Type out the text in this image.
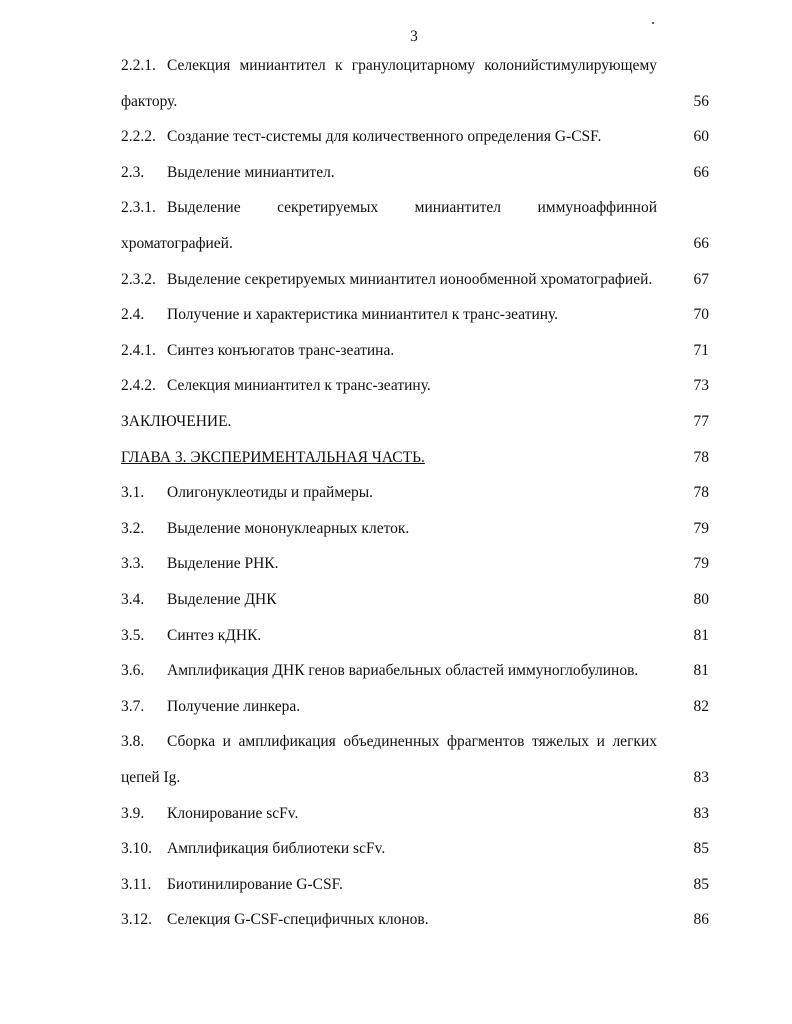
3
2.2.1. Селекция миниантител к гранулоцитарному колонийстимулирующему
фактору.	56
2.2.2. Создание тест-системы для количественного определения G-CSF.	60
2.3. Выделение миниантител.	66
2.3.1. Выделение секретируемых миниантител иммуноаффинной
хроматографией.	66
2.3.2. Выделение секретируемых миниантител ионообменной хроматографией.	67
2.4. Получение и характеристика миниантител к транс-зеатину.	70
2.4.1. Синтез конъюгатов транс-зеатина.	71
2.4.2. Селекция миниантител к транс-зеатину.	73
ЗАКЛЮЧЕНИЕ.	77
ГЛАВА 3. ЭКСПЕРИМЕНТАЛЬНАЯ ЧАСТЬ.	78
3.1. Олигонуклеотиды и праймеры.	78
3.2. Выделение мононуклеарных клеток.	79
3.3. Выделение РНК.	79
3.4. Выделение ДНК	80
3.5. Синтез кДНК.	81
3.6. Амплификация ДНК генов вариабельных областей иммуноглобулинов.	81
3.7. Получение линкера.	82
3.8. Сборка и амплификация объединенных фрагментов тяжелых и легких
цепей Ig.	83
3.9. Клонирование scFv.	83
3.10. Амплификация библиотеки scFv.	85
3.11. Биотинилирование G-CSF.	85
3.12. Селекция G-CSF-специфичных клонов.	86
